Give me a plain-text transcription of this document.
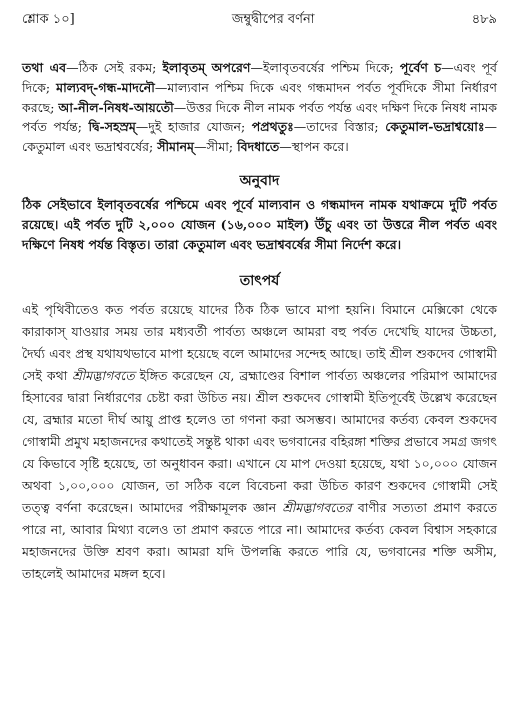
শ্লোক ১০]	জম্বুদ্বীপের বর্ণনা	৪৮৯
তথা এব—ঠিক সেই রকম; ইলাবৃতম্ অপরেণ—ইলাবৃতবর্ষের পশ্চিম দিকে; পূর্বেণ চ—এবং পূর্ব দিকে; মাল্যবদ্-গন্ধ-মাদনৌ—মাল্যবান পশ্চিম দিকে এবং গন্ধমাদন পর্বত পূর্বদিকে সীমা নির্ধারণ করছে; আ-নীল-নিষধ-আয়তৌ—উত্তর দিকে নীল নামক পর্বত পর্যন্ত এবং দক্ষিণ দিকে নিষধ নামক পর্বত পর্যন্ত; দ্বি-সহস্রম্—দুই হাজার যোজন; পপ্রথতুঃ—তাদের বিস্তার; কেতুমাল-ভদ্রাশ্বয়োঃ—কেতুমাল এবং ভদ্রাশ্ববর্ষের; সীমানম্—সীমা; বিদধাতে—স্থাপন করে।
অনুবাদ
ঠিক সেইভাবে ইলাবৃতবর্ষের পশ্চিমে এবং পূর্বে মাল্যবান ও গন্ধমাদন নামক যথাক্রমে দুটি পর্বত রয়েছে। এই পর্বত দুটি ২,০০০ যোজন (১৬,০০০ মাইল) উঁচু এবং তা উত্তরে নীল পর্বত এবং দক্ষিণে নিষধ পর্যন্ত বিস্তৃত। তারা কেতুমাল এবং ভদ্রাশ্ববর্ষের সীমা নির্দেশ করে।
তাৎপর্য
এই পৃথিবীতেও কত পর্বত রয়েছে যাদের ঠিক ঠিক ভাবে মাপা হয়নি। বিমানে মেক্সিকো থেকে কারাকাস্ যাওয়ার সময় তার মধ্যবর্তী পার্বত্য অঞ্চলে আমরা বহু পর্বত দেখেছি যাদের উচ্চতা, দৈর্ঘ্য এবং প্রস্থ যথাযথভাবে মাপা হয়েছে বলে আমাদের সন্দেহ আছে। তাই শ্রীল শুকদেব গোস্বামী সেই কথা শ্রীমদ্ভাগবতে ইঙ্গিত করেছেন যে, ব্রহ্মাণ্ডের বিশাল পার্বত্য অঞ্চলের পরিমাপ আমাদের হিসাবের দ্বারা নির্ধারণের চেষ্টা করা উচিত নয়। শ্রীল শুকদেব গোস্বামী ইতিপূর্বেই উল্লেখ করেছেন যে, ব্রহ্মার মতো দীর্ঘ আয়ু প্রাপ্ত হলেও তা গণনা করা অসম্ভব। আমাদের কর্তব্য কেবল শুকদেব গোস্বামী প্রমুখ মহাজনদের কথাতেই সন্তুষ্ট থাকা এবং ভগবানের বহিরঙ্গা শক্তির প্রভাবে সমগ্র জগৎ যে কিভাবে সৃষ্টি হয়েছে, তা অনুধাবন করা। এখানে যে মাপ দেওয়া হয়েছে, যথা ১০,০০০ যোজন অথবা ১,০০,০০০ যোজন, তা সঠিক বলে বিবেচনা করা উচিত কারণ শুকদেব গোস্বামী সেই তত্ত্ব বর্ণনা করেছেন। আমাদের পরীক্ষামূলক জ্ঞান শ্রীমদ্ভাগবতের বাণীর সত্যতা প্রমাণ করতে পারে না, আবার মিথ্যা বলেও তা প্রমাণ করতে পারে না। আমাদের কর্তব্য কেবল বিশ্বাস সহকারে মহাজনদের উক্তি শ্রবণ করা। আমরা যদি উপলব্ধি করতে পারি যে, ভগবানের শক্তি অসীম, তাহলেই আমাদের মঙ্গল হবে।
